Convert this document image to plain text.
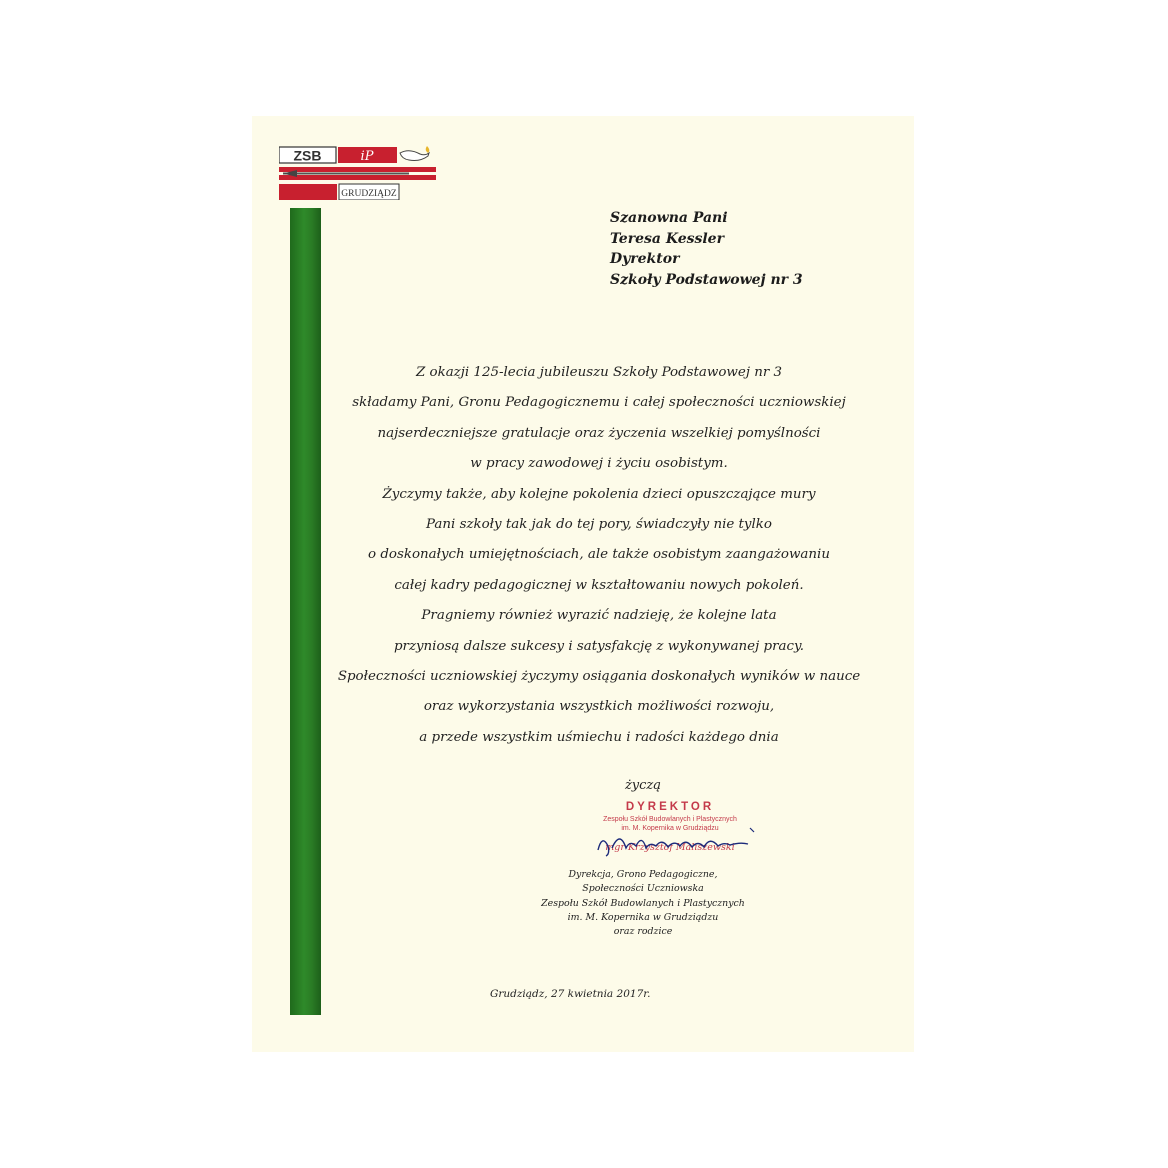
ZSB	iP
GRUDZIĄDZ
Szanowna Pani
Teresa Kessler
Dyrektor
Szkoły Podstawowej nr 3
Z okazji 125-lecia jubileuszu Szkoły Podstawowej nr 3
składamy Pani, Gronu Pedagogicznemu i całej społeczności uczniowskiej
najserdeczniejsze gratulacje oraz życzenia wszelkiej pomyślności
w pracy zawodowej i życiu osobistym.
Życzymy także, aby kolejne pokolenia dzieci opuszczające mury
Pani szkoły tak jak do tej pory, świadczyły nie tylko
o doskonałych umiejętnościach, ale także osobistym zaangażowaniu
całej kadry pedagogicznej w kształtowaniu nowych pokoleń.
Pragniemy również wyrazić nadzieję, że kolejne lata
przyniosą dalsze sukcesy i satysfakcję z wykonywanej pracy.
Społeczności uczniowskiej życzymy osiągania doskonałych wyników w nauce
oraz wykorzystania wszystkich możliwości rozwoju,
a przede wszystkim uśmiechu i radości każdego dnia
życzą
DYREKTOR
Zespołu Szkół Budowlanych i Plastycznych
im. M. Kopernika w Grudziądzu
mgr Krzysztof Maliszewski
Dyrekcja, Grono Pedagogiczne,
Społeczności Uczniowska
Zespołu Szkół Budowlanych i Plastycznych
im. M. Kopernika w Grudziądzu
oraz rodzice
Grudziądz, 27 kwietnia 2017r.
